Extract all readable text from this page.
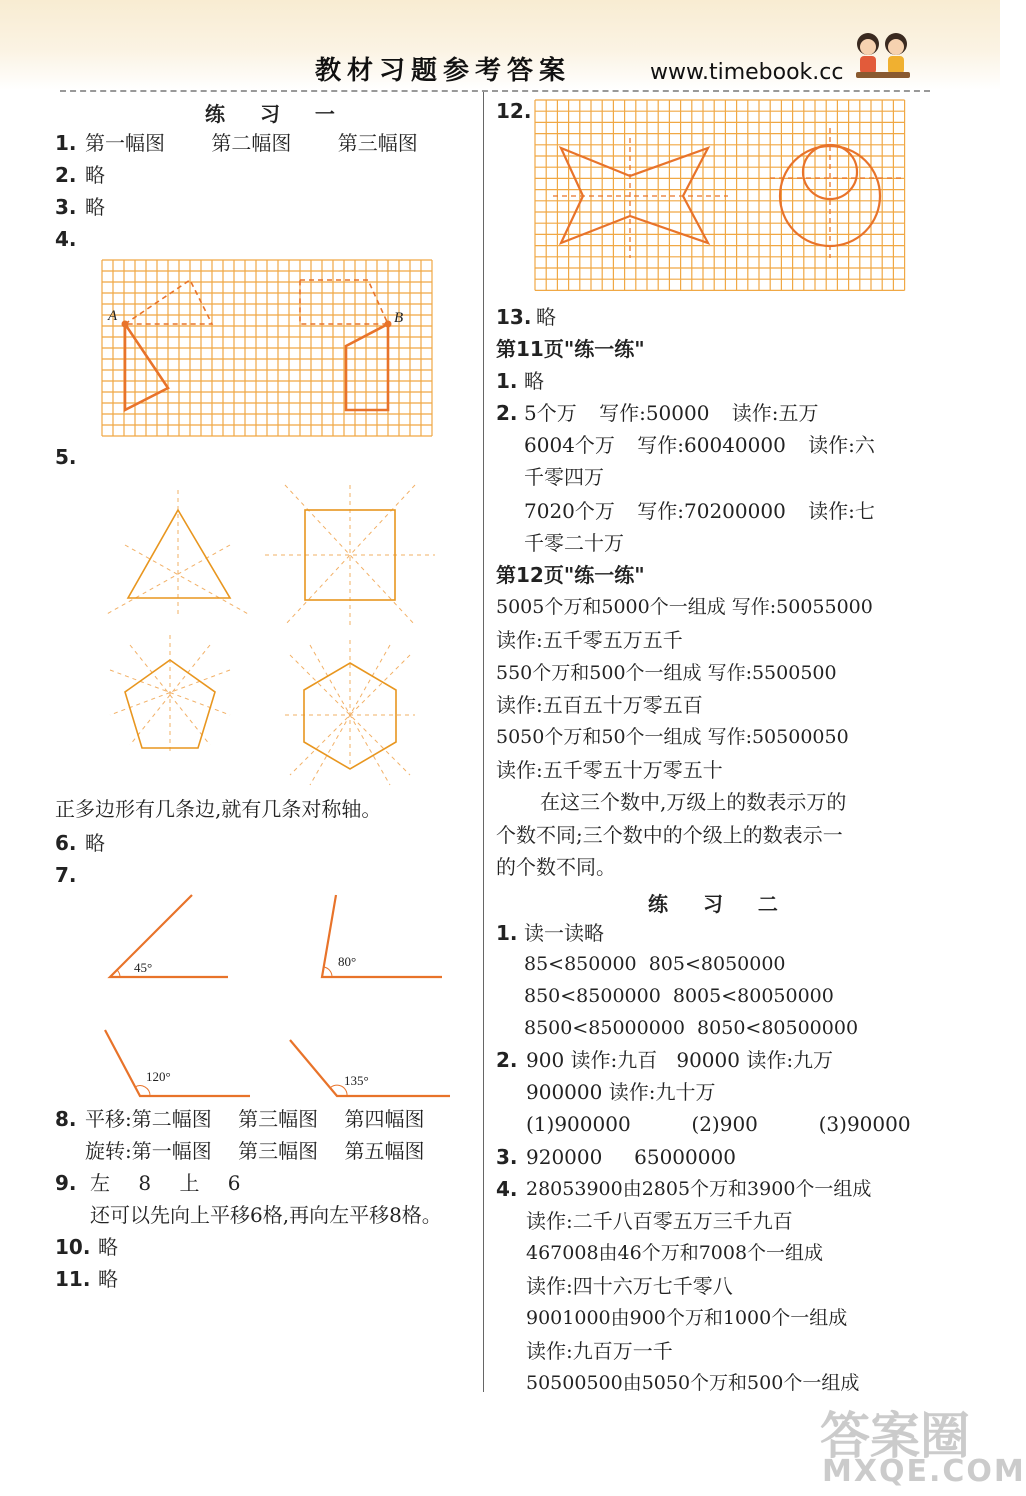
教材习题参考答案	www.timebook.cc
练 习 一
1. 第一幅图 第二幅图 第三幅图
2. 略
3. 略
4.
A	B
5.
正多边形有几条边,就有几条对称轴。
6. 略
7.
45°	80°
120°	135°
8. 平移:第二幅图 第三幅图 第四幅图
旋转:第一幅图 第三幅图 第五幅图
9. 左 8 上 6
还可以先向上平移6格,再向左平移8格。
10. 略
11. 略
12.
13. 略
第11页"练一练"
1. 略
2. 5个万 写作:50000 读作:五万
6004个万 写作:60040000 读作:六
千零四万
7020个万 写作:70200000 读作:七
千零二十万
第12页"练一练"
5005个万和5000个一组成 写作:50055000
读作:五千零五万五千
550个万和500个一组成 写作:5500500
读作:五百五十万零五百
5050个万和50个一组成 写作:50500050
读作:五千零五十万零五十
在这三个数中,万级上的数表示万的
个数不同;三个数中的个级上的数表示一
的个数不同。
练 习 二
1. 读一读略
85<850000  805<8050000
850<8500000  8005<80050000
8500<85000000  8050<80500000
2. 900 读作:九百   90000 读作:九万
900000 读作:九十万
(1)900000  (2)900  (3)90000
3. 920000     65000000
4. 28053900由2805个万和3900个一组成
读作:二千八百零五万三千九百
467008由46个万和7008个一组成
读作:四十六万七千零八
9001000由900个万和1000个一组成
读作:九百万一千
50500500由5050个万和500个一组成
答案圈
MXQE.COM
